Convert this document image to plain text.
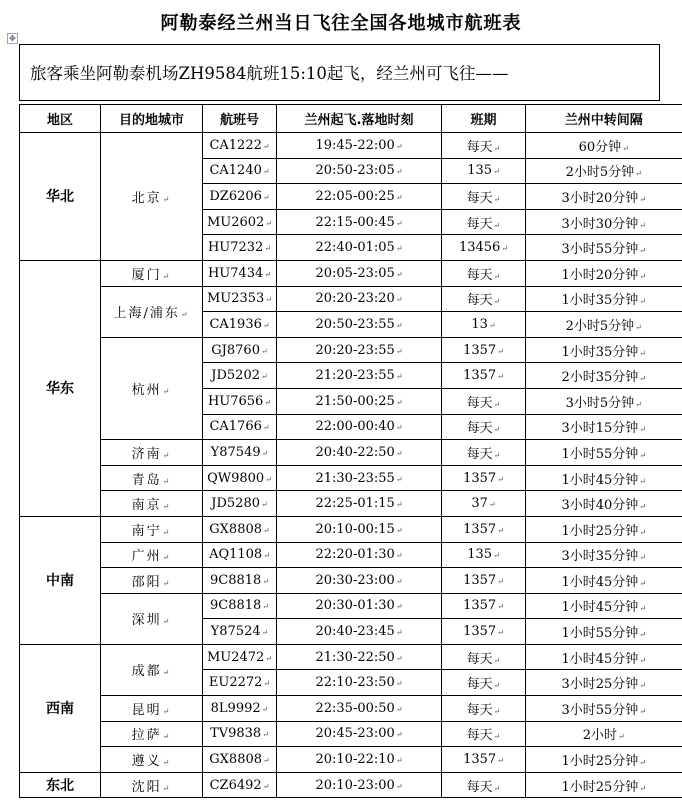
阿勒泰经兰州当日飞往全国各地城市航班表
✥
旅客乘坐阿勒泰机场ZH9584航班15:10起飞，经兰州可飞往——
地区	目的地城市	航班号	兰州起飞.落地时刻	班期	兰州中转间隔
华北	北京 ↵	CA1222 ↵	19:45-22:00 ↵	每天 ↵	60分钟 ↵
		CA1240 ↵	20:50-23:05 ↵	135 ↵	2小时5分钟 ↵
		DZ6206 ↵	22:05-00:25 ↵	每天 ↵	3小时20分钟 ↵
		MU2602 ↵	22:15-00:45 ↵	每天 ↵	3小时30分钟 ↵
		HU7232 ↵	22:40-01:05 ↵	13456 ↵	3小时55分钟 ↵
华东	厦门 ↵	HU7434 ↵	20:05-23:05 ↵	每天 ↵	1小时20分钟 ↵
	上海/浦东 ↵	MU2353 ↵	20:20-23:20 ↵	每天 ↵	1小时35分钟 ↵
		CA1936 ↵	20:50-23:55 ↵	13 ↵	2小时5分钟 ↵
	杭州 ↵	GJ8760 ↵	20:20-23:55 ↵	1357 ↵	1小时35分钟 ↵
		JD5202 ↵	21:20-23:55 ↵	1357 ↵	2小时35分钟 ↵
		HU7656 ↵	21:50-00:25 ↵	每天 ↵	3小时5分钟 ↵
		CA1766 ↵	22:00-00:40 ↵	每天 ↵	3小时15分钟 ↵
	济南 ↵	Y87549 ↵	20:40-22:50 ↵	每天 ↵	1小时55分钟 ↵
	青岛 ↵	QW9800 ↵	21:30-23:55 ↵	1357 ↵	1小时45分钟 ↵
	南京 ↵	JD5280 ↵	22:25-01:15 ↵	37 ↵	3小时40分钟 ↵
中南	南宁 ↵	GX8808 ↵	20:10-00:15 ↵	1357 ↵	1小时25分钟 ↵
	广州 ↵	AQ1108 ↵	22:20-01:30 ↵	135 ↵	3小时35分钟 ↵
	邵阳 ↵	9C8818 ↵	20:30-23:00 ↵	1357 ↵	1小时45分钟 ↵
	深圳 ↵	9C8818 ↵	20:30-01:30 ↵	1357 ↵	1小时45分钟 ↵
		Y87524 ↵	20:40-23:45 ↵	1357 ↵	1小时55分钟 ↵
西南	成都 ↵	MU2472 ↵	21:30-22:50 ↵	每天 ↵	1小时45分钟 ↵
		EU2272 ↵	22:10-23:50 ↵	每天 ↵	3小时25分钟 ↵
	昆明 ↵	8L9992 ↵	22:35-00:50 ↵	每天 ↵	3小时55分钟 ↵
	拉萨 ↵	TV9838 ↵	20:45-23:00 ↵	每天 ↵	2小时 ↵
	遵义 ↵	GX8808 ↵	20:10-22:10 ↵	1357 ↵	1小时25分钟 ↵
东北	沈阳 ↵	CZ6492 ↵	20:10-23:00 ↵	每天 ↵	1小时25分钟 ↵
